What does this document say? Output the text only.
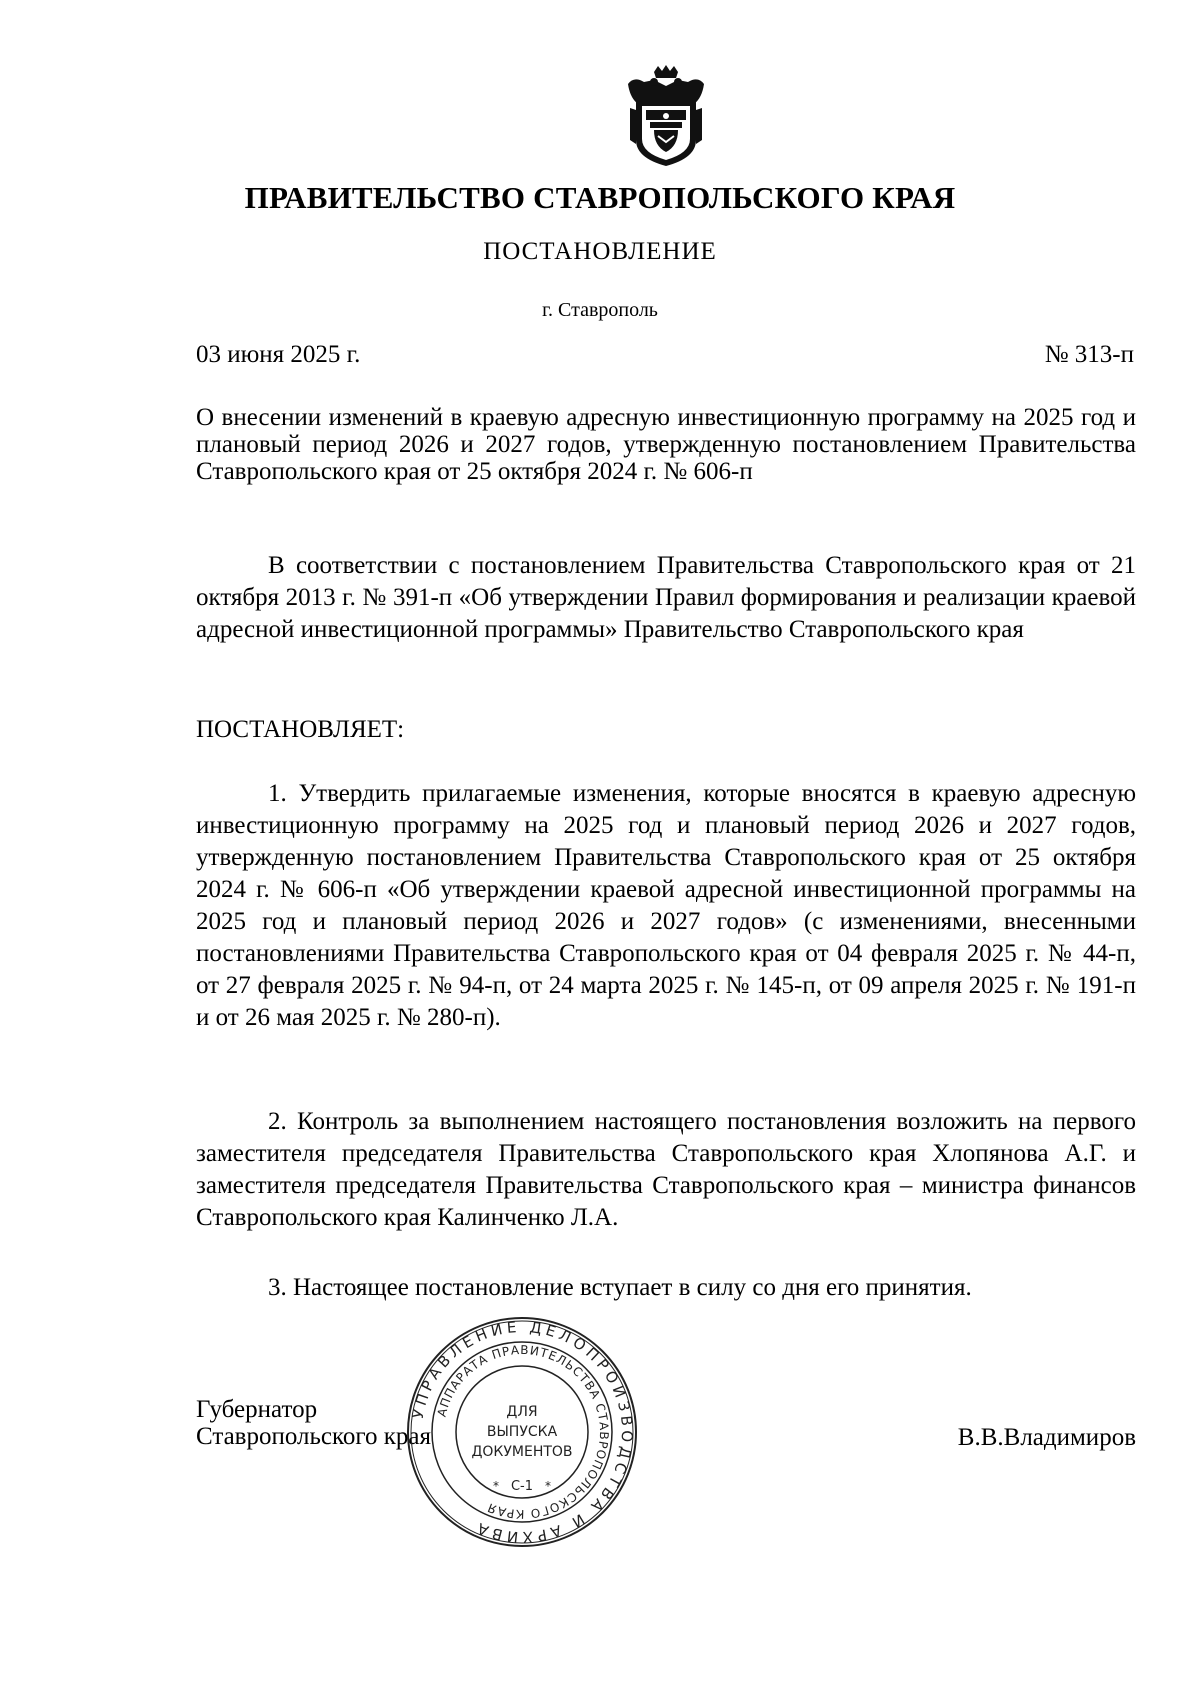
ПРАВИТЕЛЬСТВО СТАВРОПОЛЬСКОГО КРАЯ
ПОСТАНОВЛЕНИЕ
г. Ставрополь
03 июня 2025 г.	№ 313-п
О внесении изменений в краевую адресную инвестиционную программу на 2025 год и плановый период 2026 и 2027 годов, утвержденную постановлением Правительства Ставропольского края от 25 октября 2024 г. № 606-п

В соответствии с постановлением Правительства Ставропольского края от 21 октября 2013 г. № 391-п «Об утверждении Правил формирования и реализации краевой адресной инвестиционной программы» Правительство Ставропольского края

ПОСТАНОВЛЯЕТ:

1. Утвердить прилагаемые изменения, которые вносятся в краевую адресную инвестиционную программу на 2025 год и плановый период 2026 и 2027 годов, утвержденную постановлением Правительства Ставропольского края от 25 октября 2024 г. № 606-п «Об утверждении краевой адресной инвестиционной программы на 2025 год и плановый период 2026 и 2027 годов» (с изменениями, внесенными постановлениями Правительства Ставропольского края от 04 февраля 2025 г. № 44-п, от 27 февраля 2025 г. № 94-п, от 24 марта 2025 г. № 145-п, от 09 апреля 2025 г. № 191-п и от 26 мая 2025 г. № 280-п).

2. Контроль за выполнением настоящего постановления возложить на первого заместителя председателя Правительства Ставропольского края Хлопянова А.Г. и заместителя председателя Правительства Ставропольского края – министра финансов Ставропольского края Калинченко Л.А.

3. Настоящее постановление вступает в силу со дня его принятия.

Губернатор
Ставропольского края	В.В.Владимиров
УПРАВЛЕНИЕ ДЕЛОПРОИЗВОДСТВА И АРХИВА
АППАРАТА ПРАВИТЕЛЬСТВА СТАВРОПОЛЬСКОГО КРАЯ
ДЛЯ
ВЫПУСКА
ДОКУМЕНТОВ
С-1
*	*
